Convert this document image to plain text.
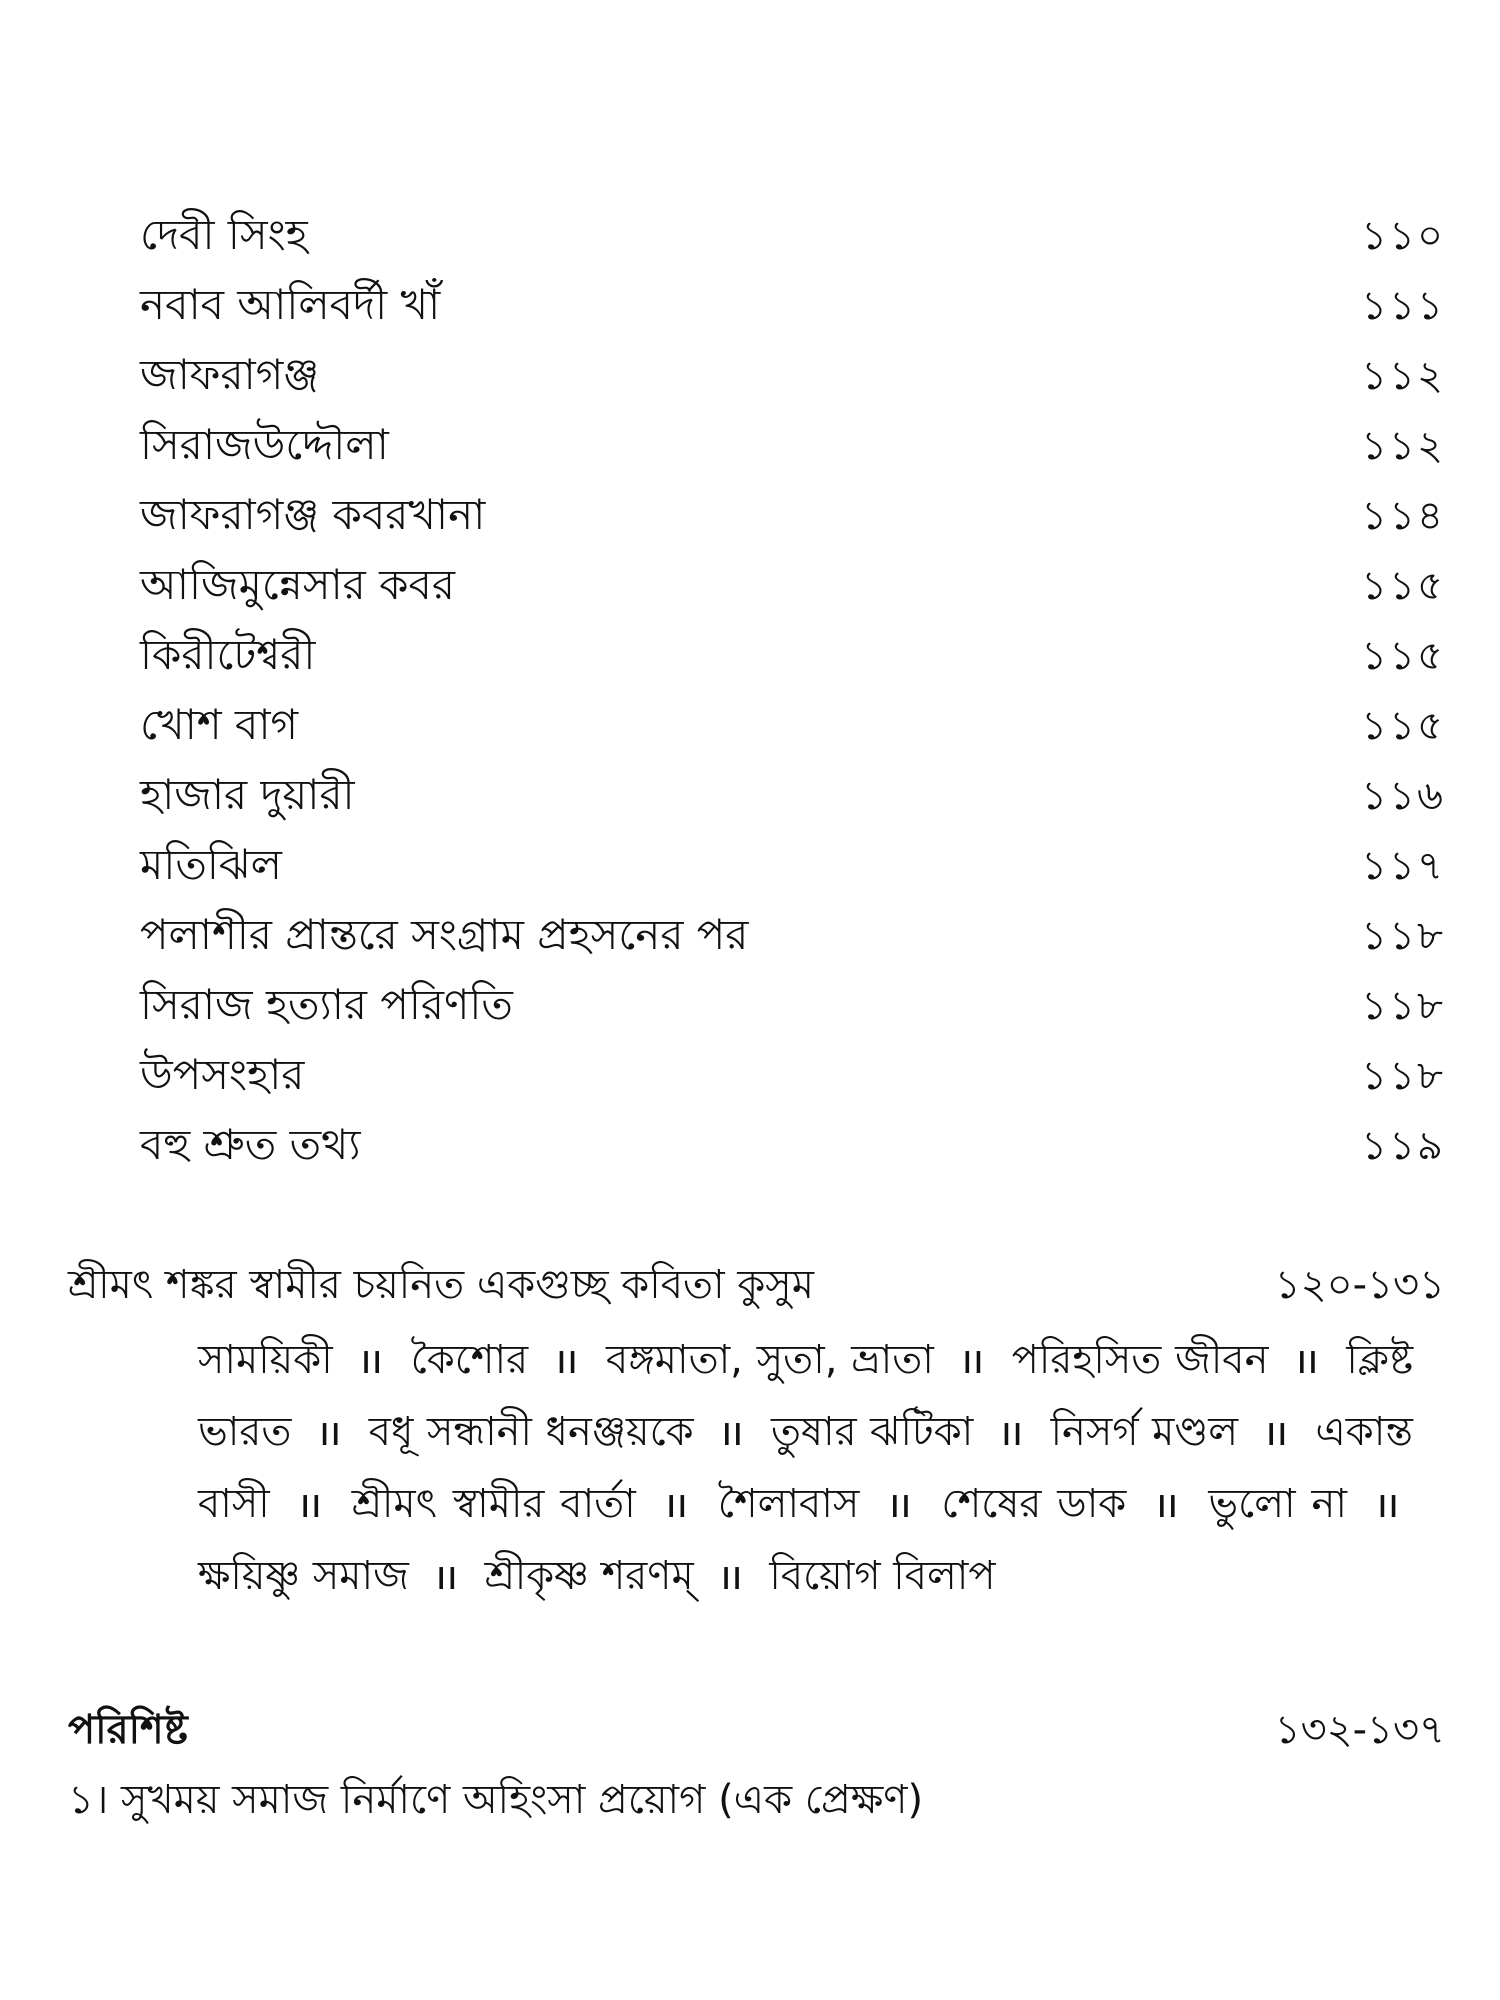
দেবী সিংহ	১১০
নবাব আলিবর্দী খাঁ	১১১
জাফরাগঞ্জ	১১২
সিরাজউদ্দৌলা	১১২
জাফরাগঞ্জ কবরখানা	১১৪
আজিমুন্নেসার কবর	১১৫
কিরীটেশ্বরী	১১৫
খোশ বাগ	১১৫
হাজার দুয়ারী	১১৬
মতিঝিল	১১৭
পলাশীর প্রান্তরে সংগ্রাম প্রহসনের পর	১১৮
সিরাজ হত্যার পরিণতি	১১৮
উপসংহার	১১৮
বহু শ্রুত তথ্য	১১৯
শ্রীমৎ শঙ্কর স্বামীর চয়নিত একগুচ্ছ কবিতা কুসুম	১২০-১৩১
সাময়িকী ıı কৈশোর ıı বঙ্গমাতা, সুতা, ভ্রাতা ıı পরিহসিত জীবন ıı ক্লিষ্ট ভারত ıı বধূ সন্ধানী ধনঞ্জয়কে ıı তুষার ঝটিকা ıı নিসর্গ মণ্ডল ıı একান্ত বাসী ıı শ্রীমৎ স্বামীর বার্তা ıı শৈলাবাস ıı শেষের ডাক ıı ভুলো না ıı ক্ষয়িষ্ণু সমাজ ıı শ্রীকৃষ্ণ শরণম্ ıı বিয়োগ বিলাপ
পরিশিষ্ট	১৩২-১৩৭
১। সুখময় সমাজ নির্মাণে অহিংসা প্রয়োগ (এক প্রেক্ষণ)
